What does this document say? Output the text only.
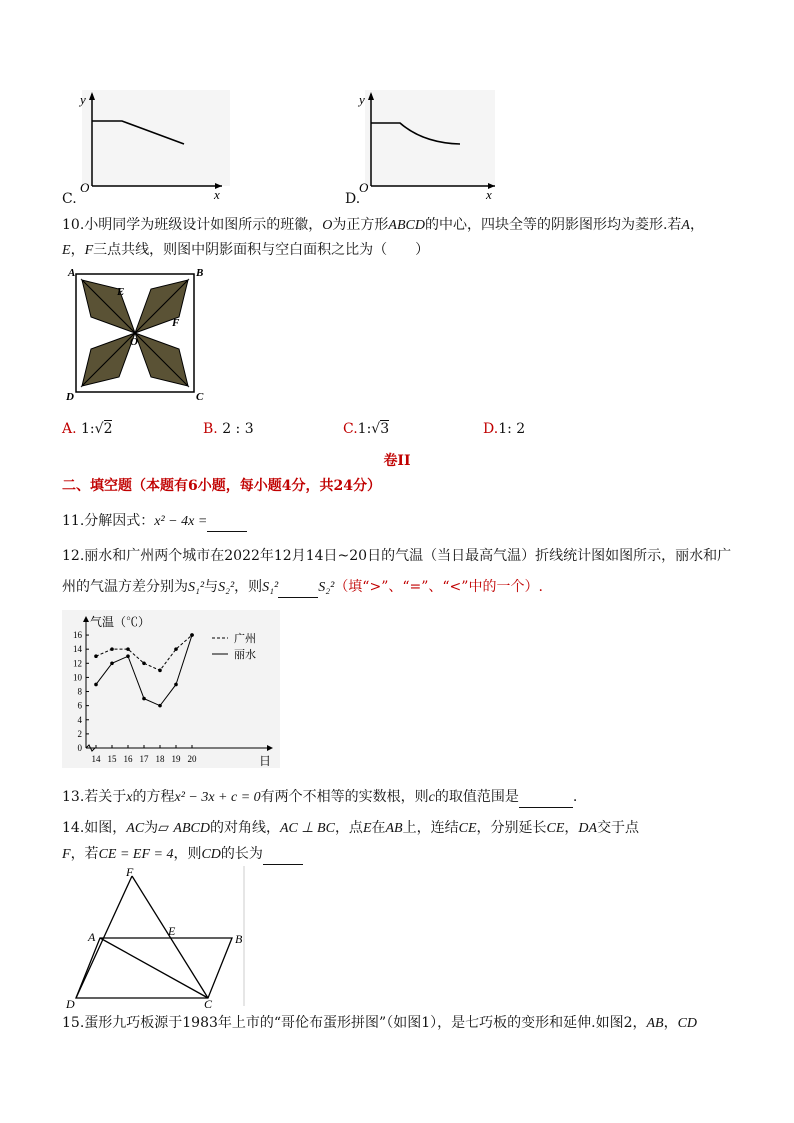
y
x
O
C.
y
x
O
D.
10.小明同学为班级设计如图所示的班徽，O为正方形ABCD的中心，四块全等的阴影图形均为菱形.若A，
E，F三点共线，则图中阴影面积与空白面积之比为（　　）
A	B
C
D
E
F
O
A. 1:√2	B. 2 : 3	C.1:√3	D.1: 2
卷II
二、填空题（本题有6小题，每小题4分，共24分）
11.分解因式：x² − 4x =
12.丽水和广州两个城市在2022年12月14日~20日的气温（当日最高气温）折线统计图如图所示，丽水和广
州的气温方差分别为S₁²与S₂²，则S₁²	S₂²（填“>”、“=”、“<”中的一个）.
0
2
4
6
8
10
12
14
16
14 15 16 17 18 19 20
气温（℃）
日
广州
丽水
13.若关于x的方程x² − 3x + c = 0有两个不相等的实数根，则c的取值范围是	.
14.如图，AC为▱ ABCD的对角线，AC ⊥ BC，点E在AB上，连结CE，分别延长CE，DA交于点
F，若CE = EF = 4，则CD的长为
F
A	E
B
D	C
15.蛋形九巧板源于1983年上市的“哥伦布蛋形拼图”（如图1），是七巧板的变形和延伸.如图2，AB，CD
